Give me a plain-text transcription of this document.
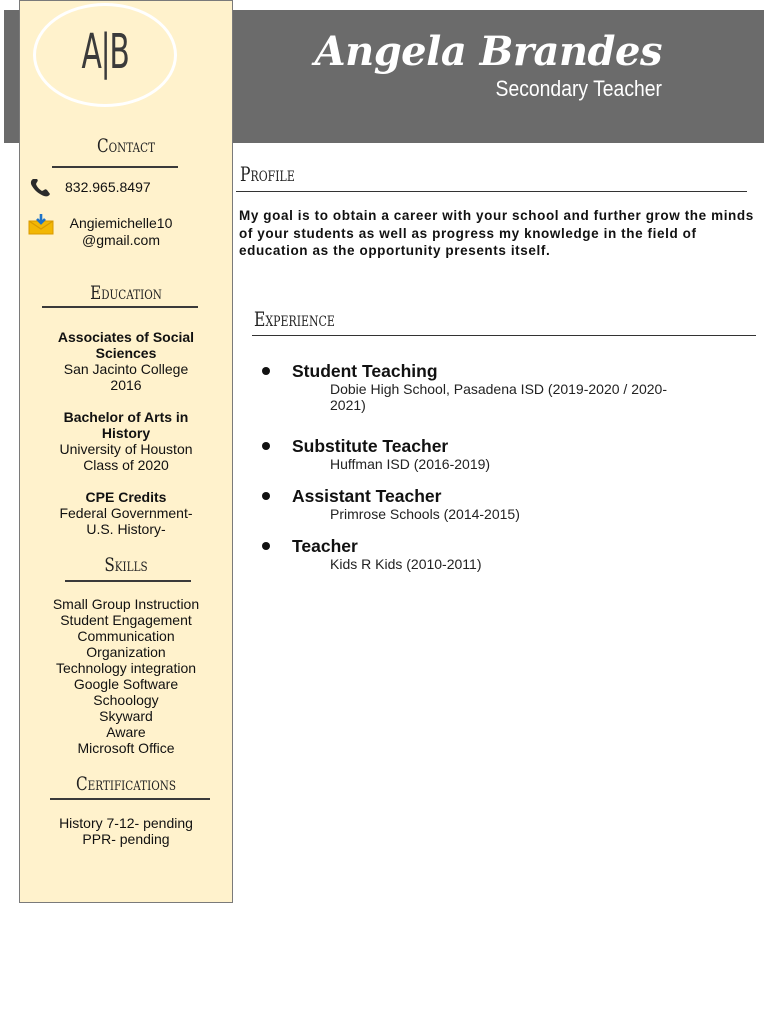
Angela Brandes
Secondary Teacher
A|B
Contact
832.965.8497
Angiemichelle10
@gmail.com
Education
Associates of Social
Sciences
San Jacinto College
2016
Bachelor of Arts in
History
University of Houston
Class of 2020
CPE Credits
Federal Government-
U.S. History-
Skills
Small Group Instruction
Student Engagement
Communication
Organization
Technology integration
Google Software
Schoology
Skyward
Aware
Microsoft Office
Certifications
History 7-12- pending
PPR- pending
Profile
My goal is to obtain a career with your school and further grow the minds of your students as well as progress my knowledge in the field of education as the opportunity presents itself.
Experience
Student Teaching
Dobie High School, Pasadena ISD (2019-2020 / 2020-2021)
Substitute Teacher
Huffman ISD (2016-2019)
Assistant Teacher
Primrose Schools (2014-2015)
Teacher
Kids R Kids (2010-2011)
